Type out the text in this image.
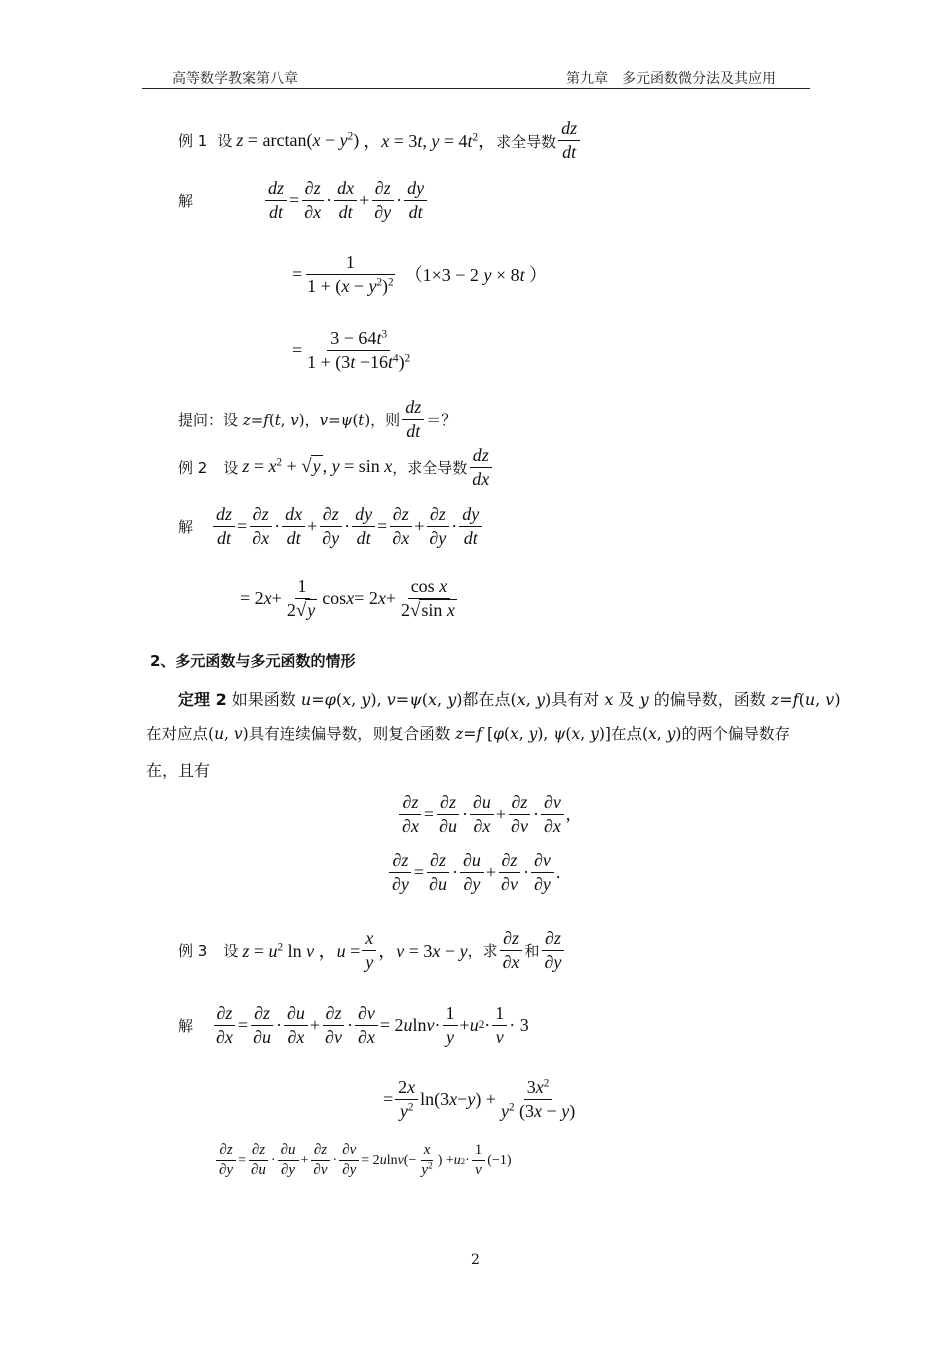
高等数学教案第八章	第九章　多元函数微分法及其应用
例 1 设 $z = \arctan(x - y^2)$ ，x = 3t, $y = 4t^2$，求全导数 $\frac{dz}{dt}$
解	$\frac{dz}{dt} = \frac{\partial z}{\partial x} \cdot \frac{dx}{dt} + \frac{\partial z}{\partial y} \cdot \frac{dy}{dt}$
= $\frac{1}{1 + (x - y^2)^2} (1\times 3 - 2$ y × 8t ）
= $\frac{3 - 64t^3}{1 + (3t -16t^4)^2}$
提问：设 z=f(t, v)，v=ψ(t)，则 $\frac{dz}{dt}$ ＝？
例 2 设 $z = x^2 + √y$ , y = sin x ，求全导数 $\frac{dz}{dx}$
解 $\frac{dz}{dt} = \frac{\partial z}{\partial x} \cdot \frac{dx}{dt} + \frac{\partial z}{\partial y} \cdot \frac{dy}{dt} = \frac{\partial z}{\partial x} + \frac{\partial z}{\partial y} \cdot \frac{dy}{dt}$
= 2 $x + \frac{1}{2√y}$ cos x = 2 $x + \frac{\text{cos x}}{\text{2√sin x}}$
2、多元函数与多元函数的情形
定理 2 如果函数 u=φ(x, y), v=ψ(x, y)都在点(x, y)具有对 x 及 y 的偏导数，函数 z=f(u, v)
在对应点(u, v)具有连续偏导数，则复合函数 z=f [φ(x, y), ψ(x, y)]在点(x, y)的两个偏导数存
在，且有
$\frac{\partial z}{\partial x} = \frac{\partial z}{\partial u} \cdot \frac{\partial u}{\partial x} + \frac{\partial z}{\partial v} \cdot \frac{\partial v}{\partial x}$ ,
$\frac{\partial z}{\partial y} = \frac{\partial z}{\partial u} \cdot \frac{\partial u}{\partial y} + \frac{\partial z}{\partial v} \cdot \frac{\partial v}{\partial y}$ .
例 3 设 $z = u^2$ ln v ，$u = \frac{x}{y}$ ，v = 3x − y ，求 $\frac{\partial z}{\partial x}$ 和 $\frac{\partial z}{\partial y}$
解 $\frac{\partial z}{\partial x} = \frac{\partial z}{\partial u} \cdot \frac{\partial u}{\partial x} + \frac{\partial z}{\partial v} \cdot \frac{\partial v}{\partial x} = 2$ u $\ln v \cdot \frac{1}{y} + u$ $2 \cdot \frac{1}{v} \cdot 3$
= $\frac{2x}{y^2} \ln(3$ x − y ) + $\frac{3x^2}{y^2 (3x - y)}$
$\frac{\partial z}{\partial y} = \frac{\partial z}{\partial u} \cdot \frac{\partial u}{\partial y} + \frac{\partial z}{\partial v} \cdot \frac{\partial v}{\partial y} = 2$ u ln v (− $\frac{x}{y^2}$ ) + u $2 \cdot \frac{1}{v} (-1)$
2
